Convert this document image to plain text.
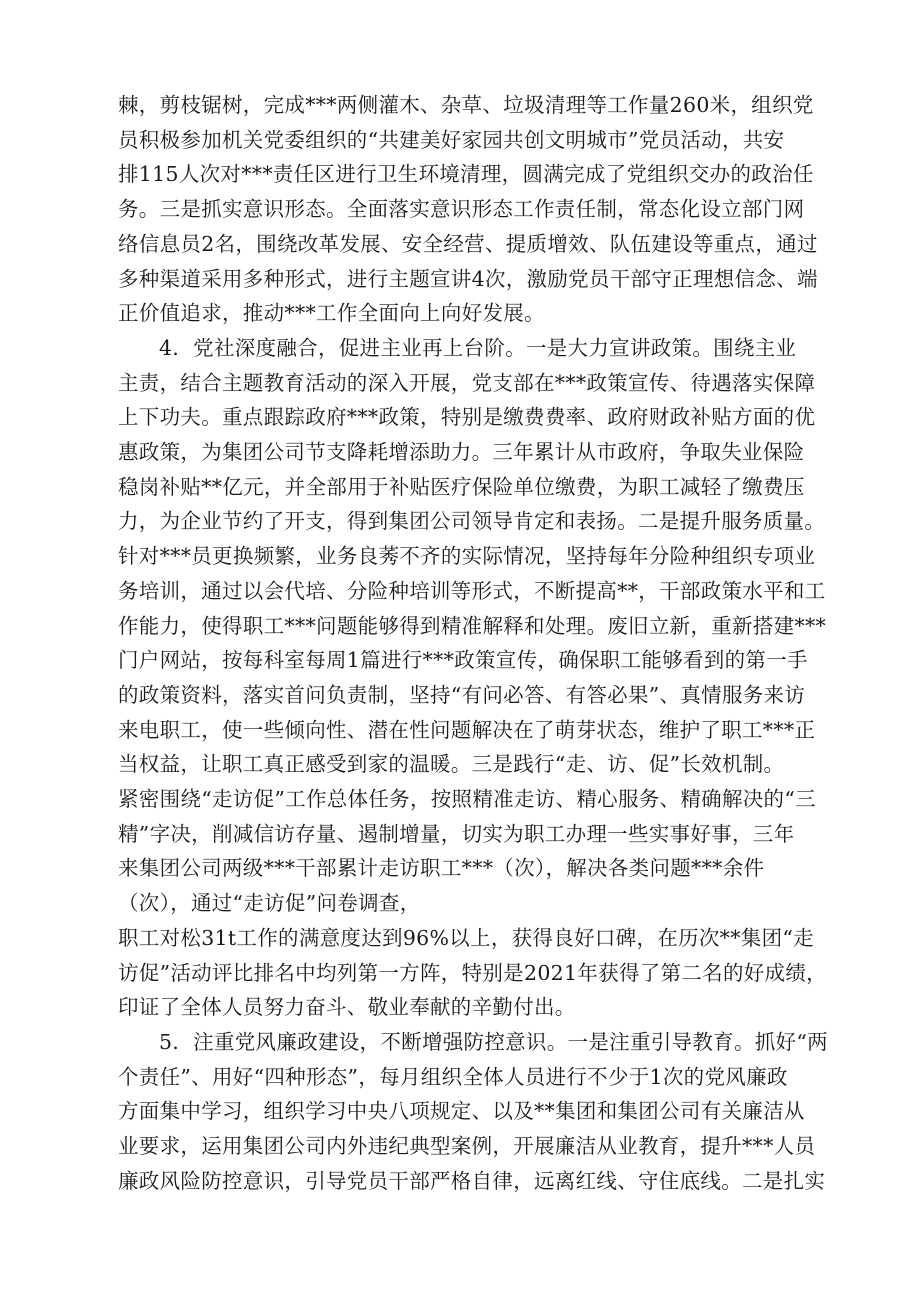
棘，剪枝锯树，完成***两侧灌木、杂草、垃圾清理等工作量260米，组织党
员积极参加机关党委组织的“共建美好家园共创文明城市”党员活动，共安
排115人次对***责任区进行卫生环境清理，圆满完成了党组织交办的政治任
务。三是抓实意识形态。全面落实意识形态工作责任制，常态化设立部门网
络信息员2名，围绕改革发展、安全经营、提质增效、队伍建设等重点，通过
多种渠道采用多种形式，进行主题宣讲4次，激励党员干部守正理想信念、端
正价值追求，推动***工作全面向上向好发展。

4．党社深度融合，促进主业再上台阶。一是大力宣讲政策。围绕主业
主责，结合主题教育活动的深入开展，党支部在***政策宣传、待遇落实保障
上下功夫。重点跟踪政府***政策，特别是缴费费率、政府财政补贴方面的优
惠政策，为集团公司节支降耗增添助力。三年累计从市政府，争取失业保险
稳岗补贴**亿元，并全部用于补贴医疗保险单位缴费，为职工减轻了缴费压
力，为企业节约了开支，得到集团公司领导肯定和表扬。二是提升服务质量。
针对***员更换频繁，业务良莠不齐的实际情况，坚持每年分险种组织专项业
务培训，通过以会代培、分险种培训等形式，不断提高**，干部政策水平和工
作能力，使得职工***问题能够得到精准解释和处理。废旧立新，重新搭建***
门户网站，按每科室每周1篇进行***政策宣传，确保职工能够看到的第一手
的政策资料，落实首问负责制，坚持“有问必答、有答必果”、真情服务来访
来电职工，使一些倾向性、潜在性问题解决在了萌芽状态，维护了职工***正
当权益，让职工真正感受到家的温暖。三是践行“走、访、促”长效机制。
紧密围绕“走访促”工作总体任务，按照精准走访、精心服务、精确解决的“三
精”字决，削减信访存量、遏制增量，切实为职工办理一些实事好事，三年
来集团公司两级***干部累计走访职工***（次），解决各类问题***余件
（次），通过“走访促”问卷调查，
职工对松31t工作的满意度达到96%以上，获得良好口碑，在历次**集团“走
访促”活动评比排名中均列第一方阵，特别是2021年获得了第二名的好成绩，
印证了全体人员努力奋斗、敬业奉献的辛勤付出。

5．注重党风廉政建设，不断增强防控意识。一是注重引导教育。抓好“两
个责任”、用好“四种形态”，每月组织全体人员进行不少于1次的党风廉政
方面集中学习，组织学习中央八项规定、以及**集团和集团公司有关廉洁从
业要求，运用集团公司内外违纪典型案例，开展廉洁从业教育，提升***人员
廉政风险防控意识，引导党员干部严格自律，远离红线、守住底线。二是扎实
